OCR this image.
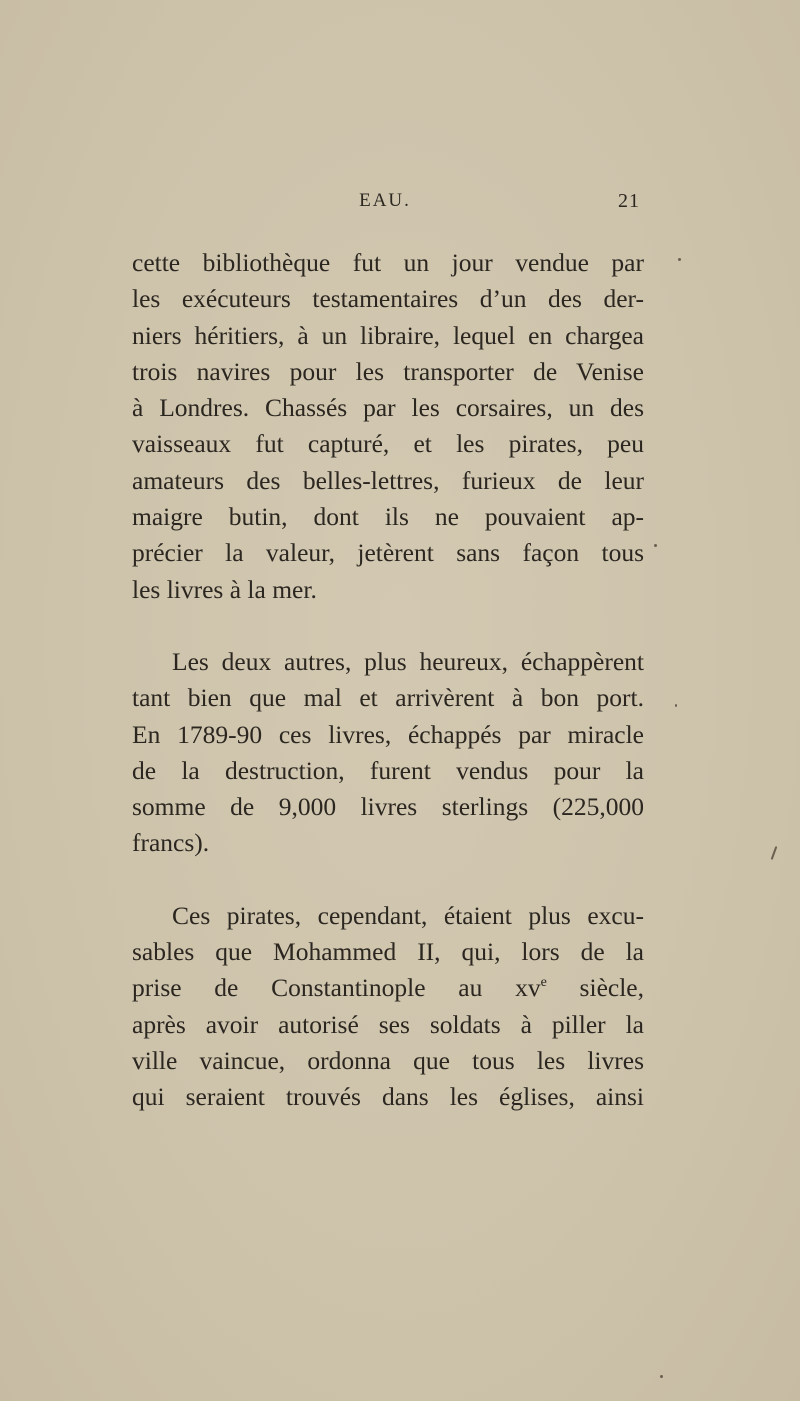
EAU.	21
cette bibliothèque fut un jour vendue par
les exécuteurs testamentaires d’un des der-
niers héritiers, à un libraire, lequel en chargea
trois navires pour les transporter de Venise
à Londres. Chassés par les corsaires, un des
vaisseaux fut capturé, et les pirates, peu
amateurs des belles-lettres, furieux de leur
maigre butin, dont ils ne pouvaient ap-
précier la valeur, jetèrent sans façon tous
les livres à la mer.
Les deux autres, plus heureux, échappèrent
tant bien que mal et arrivèrent à bon port.
En 1789-90 ces livres, échappés par miracle
de la destruction, furent vendus pour la
somme de 9,000 livres sterlings (225,000
francs).
Ces pirates, cependant, étaient plus excu-
sables que Mohammed II, qui, lors de la
prise de Constantinople au $xv^e$ siècle,
après avoir autorisé ses soldats à piller la
ville vaincue, ordonna que tous les livres
qui seraient trouvés dans les églises, ainsi
